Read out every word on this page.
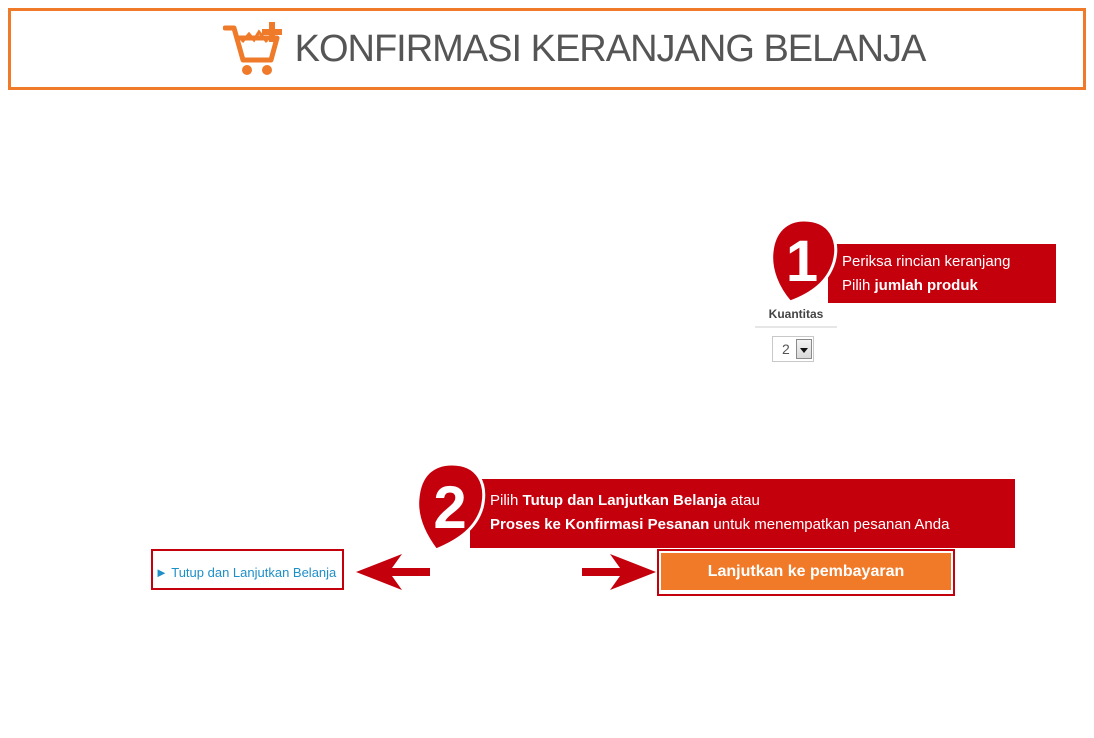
KONFIRMASI KERANJANG BELANJA
Periksa rincian keranjang
Pilih jumlah produk
1
Kuantitas
2
Pilih Tutup dan Lanjutkan Belanja atau
Proses ke Konfirmasi Pesanan untuk menempatkan pesanan Anda
2
► Tutup dan Lanjutkan Belanja	Lanjutkan ke pembayaran
